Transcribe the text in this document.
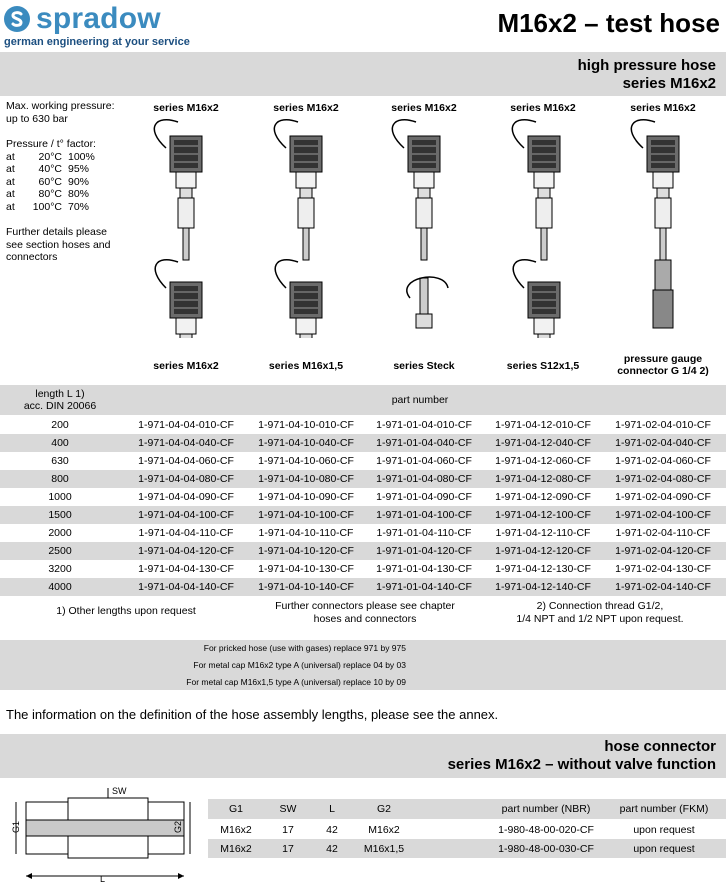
spradow
german engineering at your service
M16x2 – test hose
high pressure hose
series M16x2
Max. working pressure:
up to 630 bar
Pressure / t° factor:
at	20°C 100%
at	40°C 95%
at	60°C 90%
at	80°C 80%
at	100°C 70%
Further details please
see section hoses and
connectors
series M16x2	series M16x2	series M16x2	series M16x2	series M16x2
series M16x2	series M16x1,5	series Steck	series S12x1,5
pressure gauge
connector G 1/4 2)
length L 1)
acc. DIN 20066	part number
200	1-971-04-04-010-CF	1-971-04-10-010-CF	1-971-01-04-010-CF	1-971-04-12-010-CF	1-971-02-04-010-CF
400	1-971-04-04-040-CF	1-971-04-10-040-CF	1-971-01-04-040-CF	1-971-04-12-040-CF	1-971-02-04-040-CF
630	1-971-04-04-060-CF	1-971-04-10-060-CF	1-971-01-04-060-CF	1-971-04-12-060-CF	1-971-02-04-060-CF
800	1-971-04-04-080-CF	1-971-04-10-080-CF	1-971-01-04-080-CF	1-971-04-12-080-CF	1-971-02-04-080-CF
1000	1-971-04-04-090-CF	1-971-04-10-090-CF	1-971-01-04-090-CF	1-971-04-12-090-CF	1-971-02-04-090-CF
1500	1-971-04-04-100-CF	1-971-04-10-100-CF	1-971-01-04-100-CF	1-971-04-12-100-CF	1-971-02-04-100-CF
2000	1-971-04-04-110-CF	1-971-04-10-110-CF	1-971-01-04-110-CF	1-971-04-12-110-CF	1-971-02-04-110-CF
2500	1-971-04-04-120-CF	1-971-04-10-120-CF	1-971-01-04-120-CF	1-971-04-12-120-CF	1-971-02-04-120-CF
3200	1-971-04-04-130-CF	1-971-04-10-130-CF	1-971-01-04-130-CF	1-971-04-12-130-CF	1-971-02-04-130-CF
4000	1-971-04-04-140-CF	1-971-04-10-140-CF	1-971-01-04-140-CF	1-971-04-12-140-CF	1-971-02-04-140-CF
1) Other lengths upon request	Further connectors please see chapter
hoses and connectors
2) Connection thread G1/2,
1/4 NPT and 1/2 NPT upon request.
For pricked hose (use with gases) replace 971 by 975
For metal cap M16x2 type A (universal) replace 04 by 03
For metal cap M16x1,5 type A (universal) replace 10 by 09
The information on the definition of the hose assembly lengths, please see the annex.
hose connector
series M16x2 – without valve function
SW
G1	G2
L
G1	SW	L	G2	part number (NBR)	part number (FKM)
M16x2	17	42	M16x2	1-980-48-00-020-CF	upon request
M16x2	17	42	M16x1,5	1-980-48-00-030-CF	upon request
